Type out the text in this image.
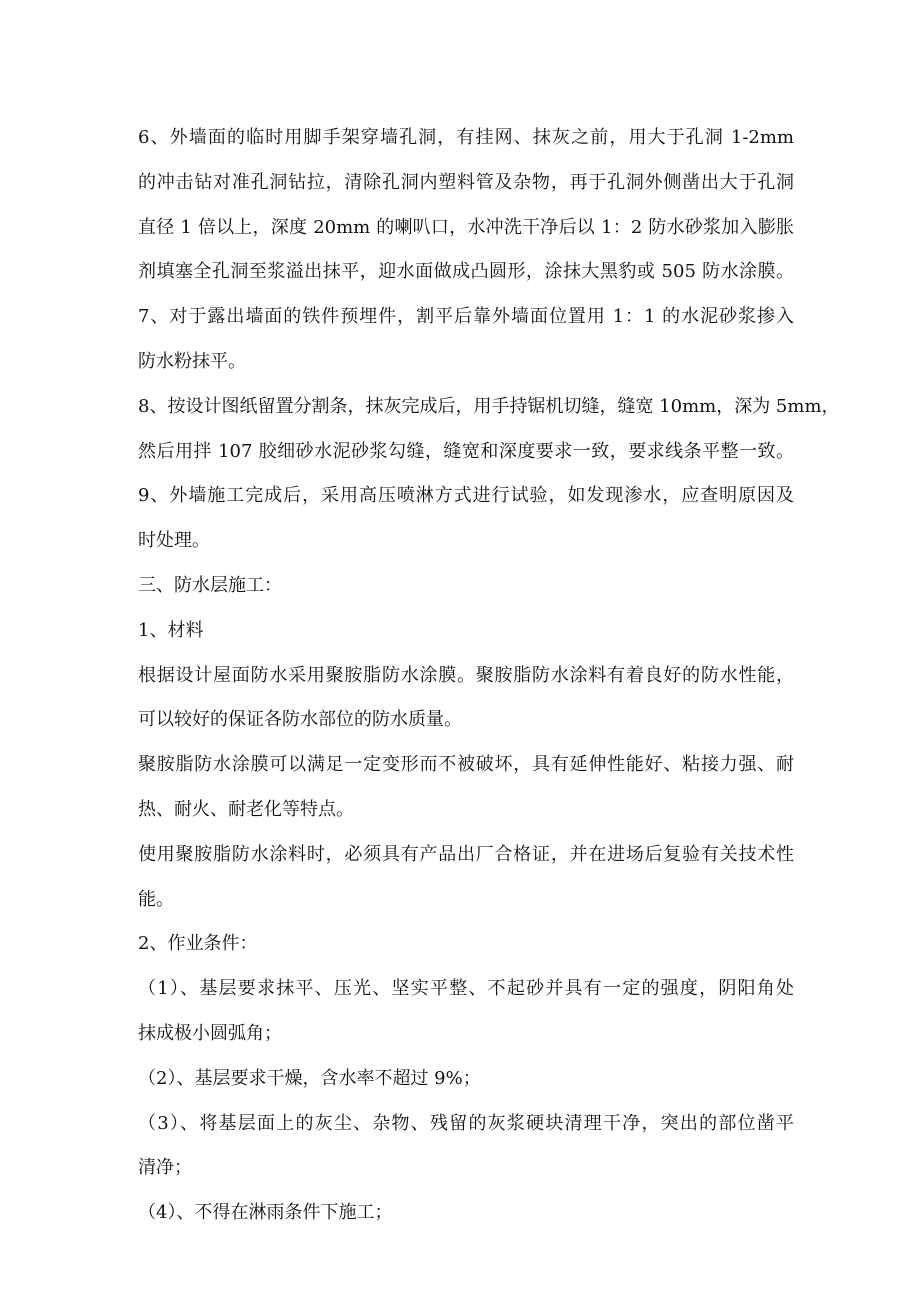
6、外墙面的临时用脚手架穿墙孔洞，有挂网、抹灰之前，用大于孔洞 1-2mm
的冲击钻对准孔洞钻拉，清除孔洞内塑料管及杂物，再于孔洞外侧凿出大于孔洞
直径 1 倍以上，深度 20mm 的喇叭口，水冲洗干净后以 1：2 防水砂浆加入膨胀
剂填塞全孔洞至浆溢出抹平，迎水面做成凸圆形，涂抹大黑豹或 505 防水涂膜。
7、对于露出墙面的铁件预埋件，割平后靠外墙面位置用 1：1 的水泥砂浆掺入
防水粉抹平。
8、按设计图纸留置分割条，抹灰完成后，用手持锯机切缝，缝宽 10mm，深为 5mm，
然后用拌 107 胶细砂水泥砂浆勾缝，缝宽和深度要求一致，要求线条平整一致。
9、外墙施工完成后，采用高压喷淋方式进行试验，如发现渗水，应查明原因及
时处理。
三、防水层施工：
1、材料
根据设计屋面防水采用聚胺脂防水涂膜。聚胺脂防水涂料有着良好的防水性能，
可以较好的保证各防水部位的防水质量。
聚胺脂防水涂膜可以满足一定变形而不被破坏，具有延伸性能好、粘接力强、耐
热、耐火、耐老化等特点。
使用聚胺脂防水涂料时，必须具有产品出厂合格证，并在进场后复验有关技术性
能。
2、作业条件：
（1）、基层要求抹平、压光、坚实平整、不起砂并具有一定的强度，阴阳角处
抹成极小圆弧角；
（2）、基层要求干燥，含水率不超过 9%；
（3）、将基层面上的灰尘、杂物、残留的灰浆硬块清理干净，突出的部位凿平
清净；
（4）、不得在淋雨条件下施工；
